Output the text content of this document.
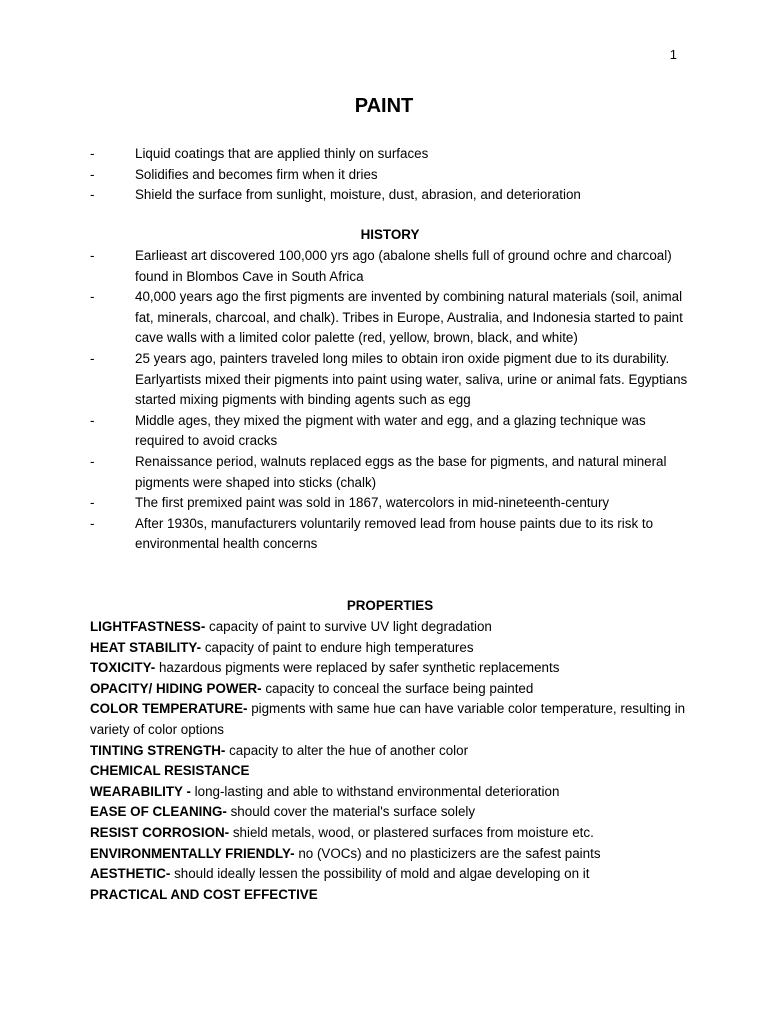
1
PAINT
-	Liquid coatings that are applied thinly on surfaces
-	Solidifies and becomes firm when it dries
-	Shield the surface from sunlight, moisture, dust, abrasion, and deterioration
HISTORY
-	Earlieast art discovered 100,000 yrs ago (abalone shells full of ground ochre and charcoal) found in Blombos Cave in South Africa
-	40,000 years ago the first pigments are invented by combining natural materials (soil, animal fat, minerals, charcoal, and chalk). Tribes in Europe, Australia, and Indonesia started to paint cave walls with a limited color palette (red, yellow, brown, black, and white)
-	25 years ago, painters traveled long miles to obtain iron oxide pigment due to its durability. Earlyartists mixed their pigments into paint using water, saliva, urine or animal fats. Egyptians started mixing pigments with binding agents such as egg
-	Middle ages, they mixed the pigment with water and egg, and a glazing technique was required to avoid cracks
-	Renaissance period, walnuts replaced eggs as the base for pigments, and natural mineral pigments were shaped into sticks (chalk)
-	The first premixed paint was sold in 1867, watercolors in mid-nineteenth-century
-	After 1930s, manufacturers voluntarily removed lead from house paints due to its risk to environmental health concerns
PROPERTIES

LIGHTFASTNESS- capacity of paint to survive UV light degradation

HEAT STABILITY- capacity of paint to endure high temperatures

TOXICITY- hazardous pigments were replaced by safer synthetic replacements

OPACITY/ HIDING POWER- capacity to conceal the surface being painted

COLOR TEMPERATURE- pigments with same hue can have variable color temperature, resulting in variety of color options

TINTING STRENGTH- capacity to alter the hue of another color

CHEMICAL RESISTANCE

WEARABILITY - long-lasting and able to withstand environmental deterioration

EASE OF CLEANING- should cover the material's surface solely

RESIST CORROSION- shield metals, wood, or plastered surfaces from moisture etc.

ENVIRONMENTALLY FRIENDLY- no (VOCs) and no plasticizers are the safest paints

AESTHETIC- should ideally lessen the possibility of mold and algae developing on it

PRACTICAL AND COST EFFECTIVE
